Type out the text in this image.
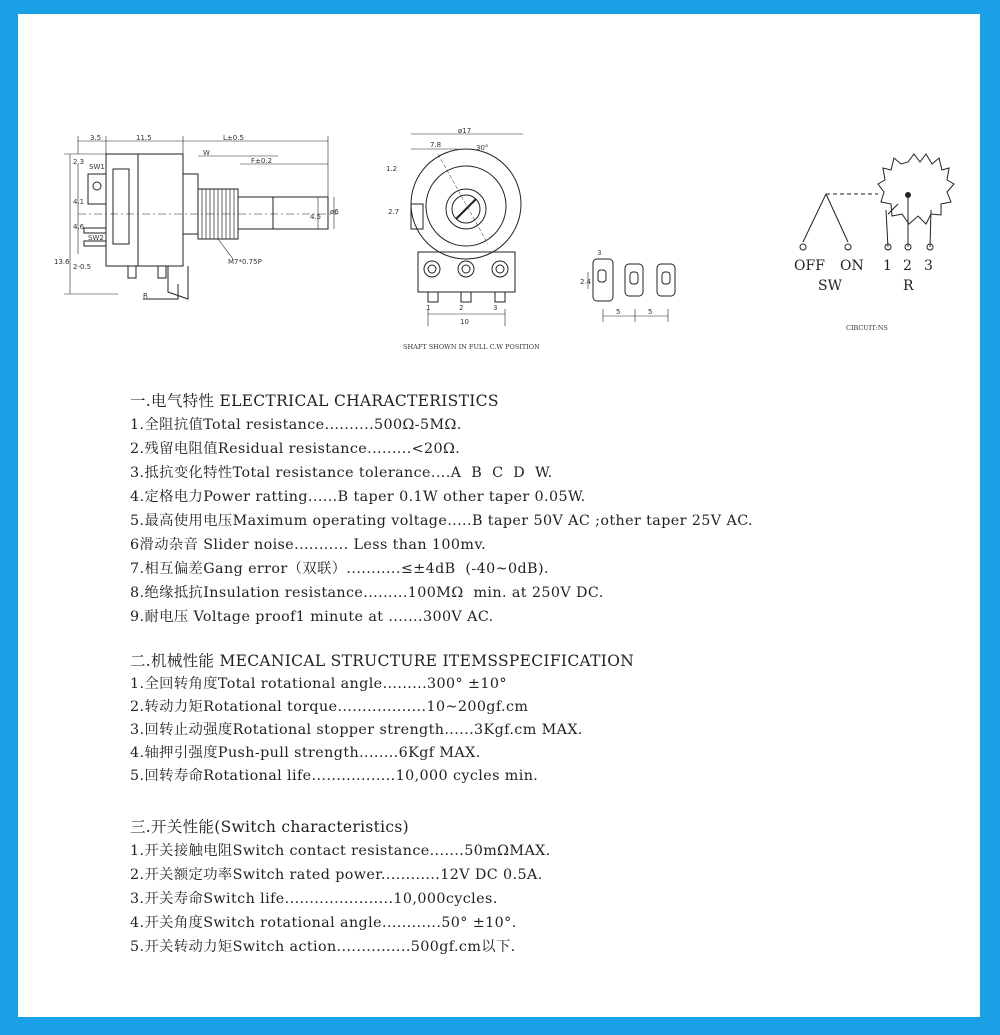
3.5	11.5	L±0.5
W
F±0.2
2.3
4.1
4.6
13.6
2-0.5
4.5
ø6
SW1
SW2
M7*0.75P
R
ø17
7.8	30°
1.2
2.7
10
1	2	3
SHAFT SHOWN IN FULL C.W POSITION
3
2.4
5	5
OFF ON 1 2 3
SW	R
CIRCUIT:NS
一.电气特性 ELECTRICAL CHARACTERISTICS
1.全阻抗值Total resistance..........500Ω-5MΩ.
2.残留电阻值Residual resistance.........<20Ω.
3.抵抗变化特性Total resistance tolerance....A  B  C  D  W.
4.定格电力Power ratting......B taper 0.1W other taper 0.05W.
5.最高使用电压Maximum operating voltage.....B taper 50V AC ;other taper 25V AC.
6滑动杂音 Slider noise........... Less than 100mv.
7.相互偏差Gang error（双联）...........≤±4dB  (-40~0dB).
8.绝缘抵抗Insulation resistance.........100MΩ  min. at 250V DC.
9.耐电压 Voltage proof1 minute at .......300V AC.
二.机械性能 MECANICAL STRUCTURE ITEMSSPECIFICATION
1.全回转角度Total rotational angle.........300° ±10°
2.转动力矩Rotational torque..................10~200gf.cm
3.回转止动强度Rotational stopper strength......3Kgf.cm MAX.
4.轴押引强度Push-pull strength........6Kgf MAX.
5.回转寿命Rotational life.................10,000 cycles min.
三.开关性能(Switch characteristics)
1.开关接触电阻Switch contact resistance.......50mΩMAX.
2.开关额定功率Switch rated power............12V DC 0.5A.
3.开关寿命Switch life......................10,000cycles.
4.开关角度Switch rotational angle............50° ±10°.
5.开关转动力矩Switch action...............500gf.cm以下.
